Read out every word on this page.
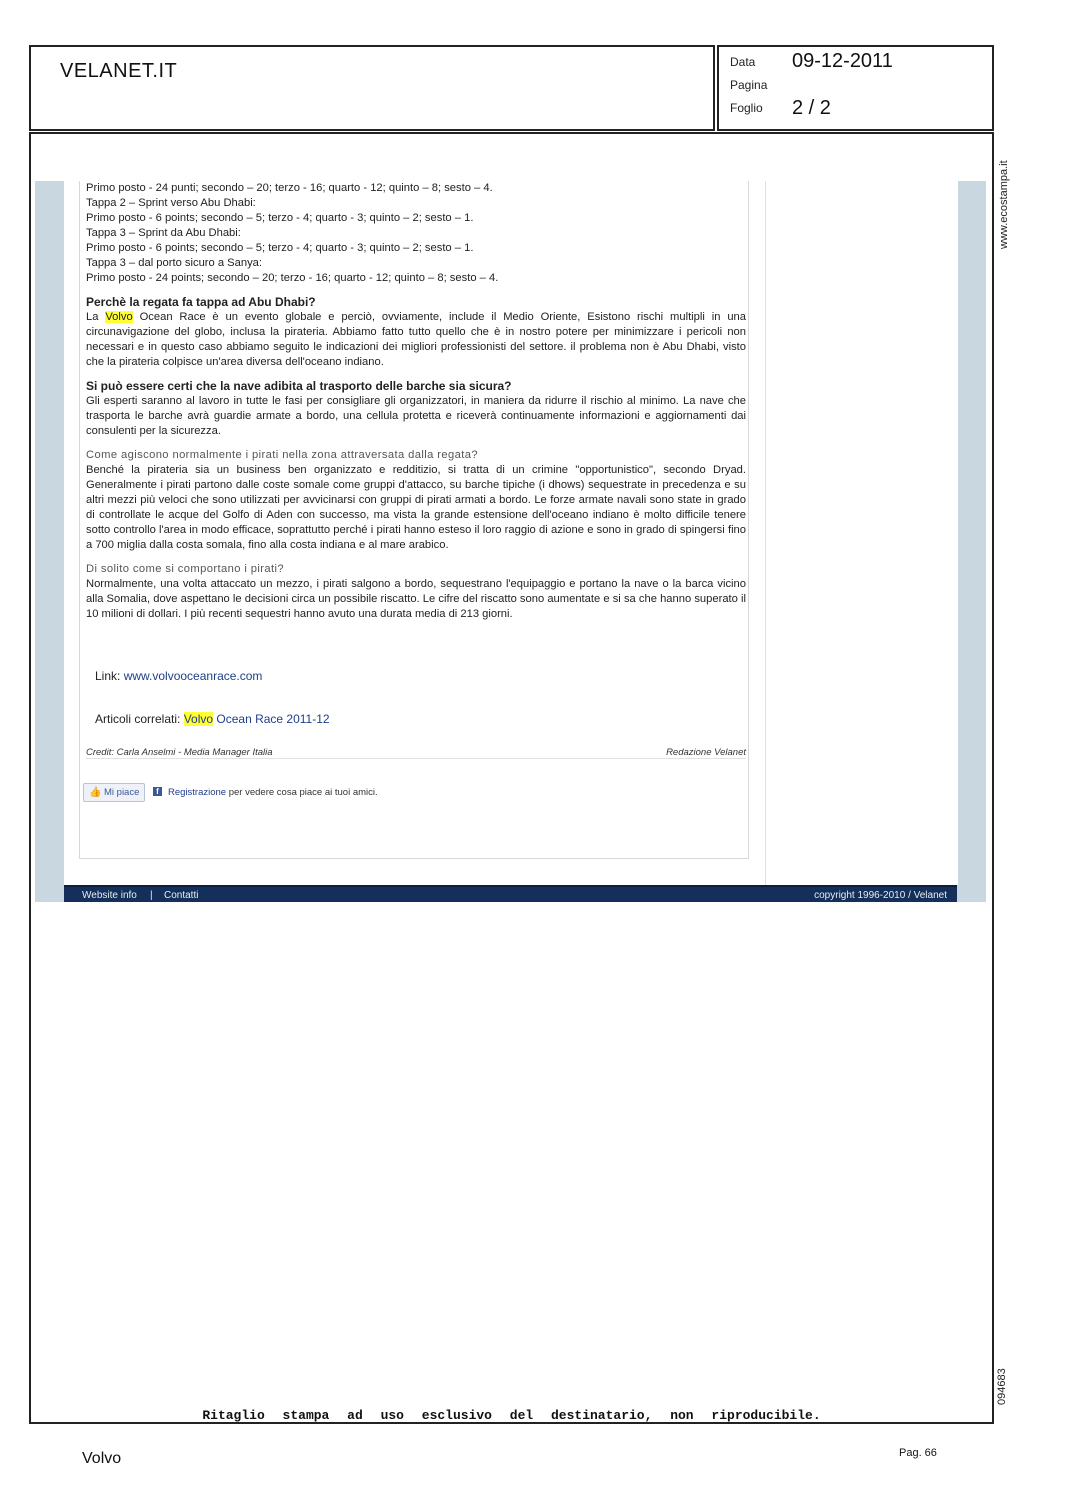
VELANET.IT	Data 09-12-2011
Pagina
Foglio 2 / 2
www.ecostampa.it
094683

Primo posto - 24 punti; secondo – 20; terzo - 16; quarto - 12; quinto – 8; sesto – 4.

Tappa 2 – Sprint verso Abu Dhabi:

Primo posto - 6 points; secondo – 5; terzo - 4; quarto - 3; quinto – 2; sesto – 1.

Tappa 3 – Sprint da Abu Dhabi:

Primo posto - 6 points; secondo – 5; terzo - 4; quarto - 3; quinto – 2; sesto – 1.

Tappa 3 – dal porto sicuro a Sanya:

Primo posto - 24 points; secondo – 20; terzo - 16; quarto - 12; quinto – 8; sesto – 4.

Perchè la regata fa tappa ad Abu Dhabi?

La Volvo Ocean Race è un evento globale e perciò, ovviamente, include il Medio Oriente, Esistono rischi multipli in una circunavigazione del globo, inclusa la pirateria. Abbiamo fatto tutto quello che è in nostro potere per minimizzare i pericoli non necessari e in questo caso abbiamo seguito le indicazioni dei migliori professionisti del settore. il problema non è Abu Dhabi, visto che la pirateria colpisce un'area diversa dell'oceano indiano.

Si può essere certi che la nave adibita al trasporto delle barche sia sicura?

Gli esperti saranno al lavoro in tutte le fasi per consigliare gli organizzatori, in maniera da ridurre il rischio al minimo. La nave che trasporta le barche avrà guardie armate a bordo, una cellula protetta e riceverà continuamente informazioni e aggiornamenti dai consulenti per la sicurezza.

Come agiscono normalmente i pirati nella zona attraversata dalla regata?

Benché la pirateria sia un business ben organizzato e redditizio, si tratta di un crimine "opportunistico", secondo Dryad. Generalmente i pirati partono dalle coste somale come gruppi d'attacco, su barche tipiche (i dhows) sequestrate in precedenza e su altri mezzi più veloci che sono utilizzati per avvicinarsi con gruppi di pirati armati a bordo. Le forze armate navali sono state in grado di controllate le acque del Golfo di Aden con successo, ma vista la grande estensione dell'oceano indiano è molto difficile tenere sotto controllo l'area in modo efficace, soprattutto perché i pirati hanno esteso il loro raggio di azione e sono in grado di spingersi fino a 700 miglia dalla costa somala, fino alla costa indiana e al mare arabico.

Di solito come si comportano i pirati?

Normalmente, una volta attaccato un mezzo, i pirati salgono a bordo, sequestrano l'equipaggio e portano la nave o la barca vicino alla Somalia, dove aspettano le decisioni circa un possibile riscatto. Le cifre del riscatto sono aumentate e si sa che hanno superato il 10 milioni di dollari. I più recenti sequestri hanno avuto una durata media di 213 giorni.

Link: www.volvooceanrace.com
Articoli correlati: Volvo Ocean Race 2011-12
Credit: Carla Anselmi - Media Manager Italia	Redazione Velanet
👍 Mi piace	f Registrazione per vedere cosa piace ai tuoi amici.
Website info | Contatti	copyright 1996-2010 / Velanet
Ritaglio stampa ad uso esclusivo del destinatario, non riproducibile.
Volvo	Pag. 66
